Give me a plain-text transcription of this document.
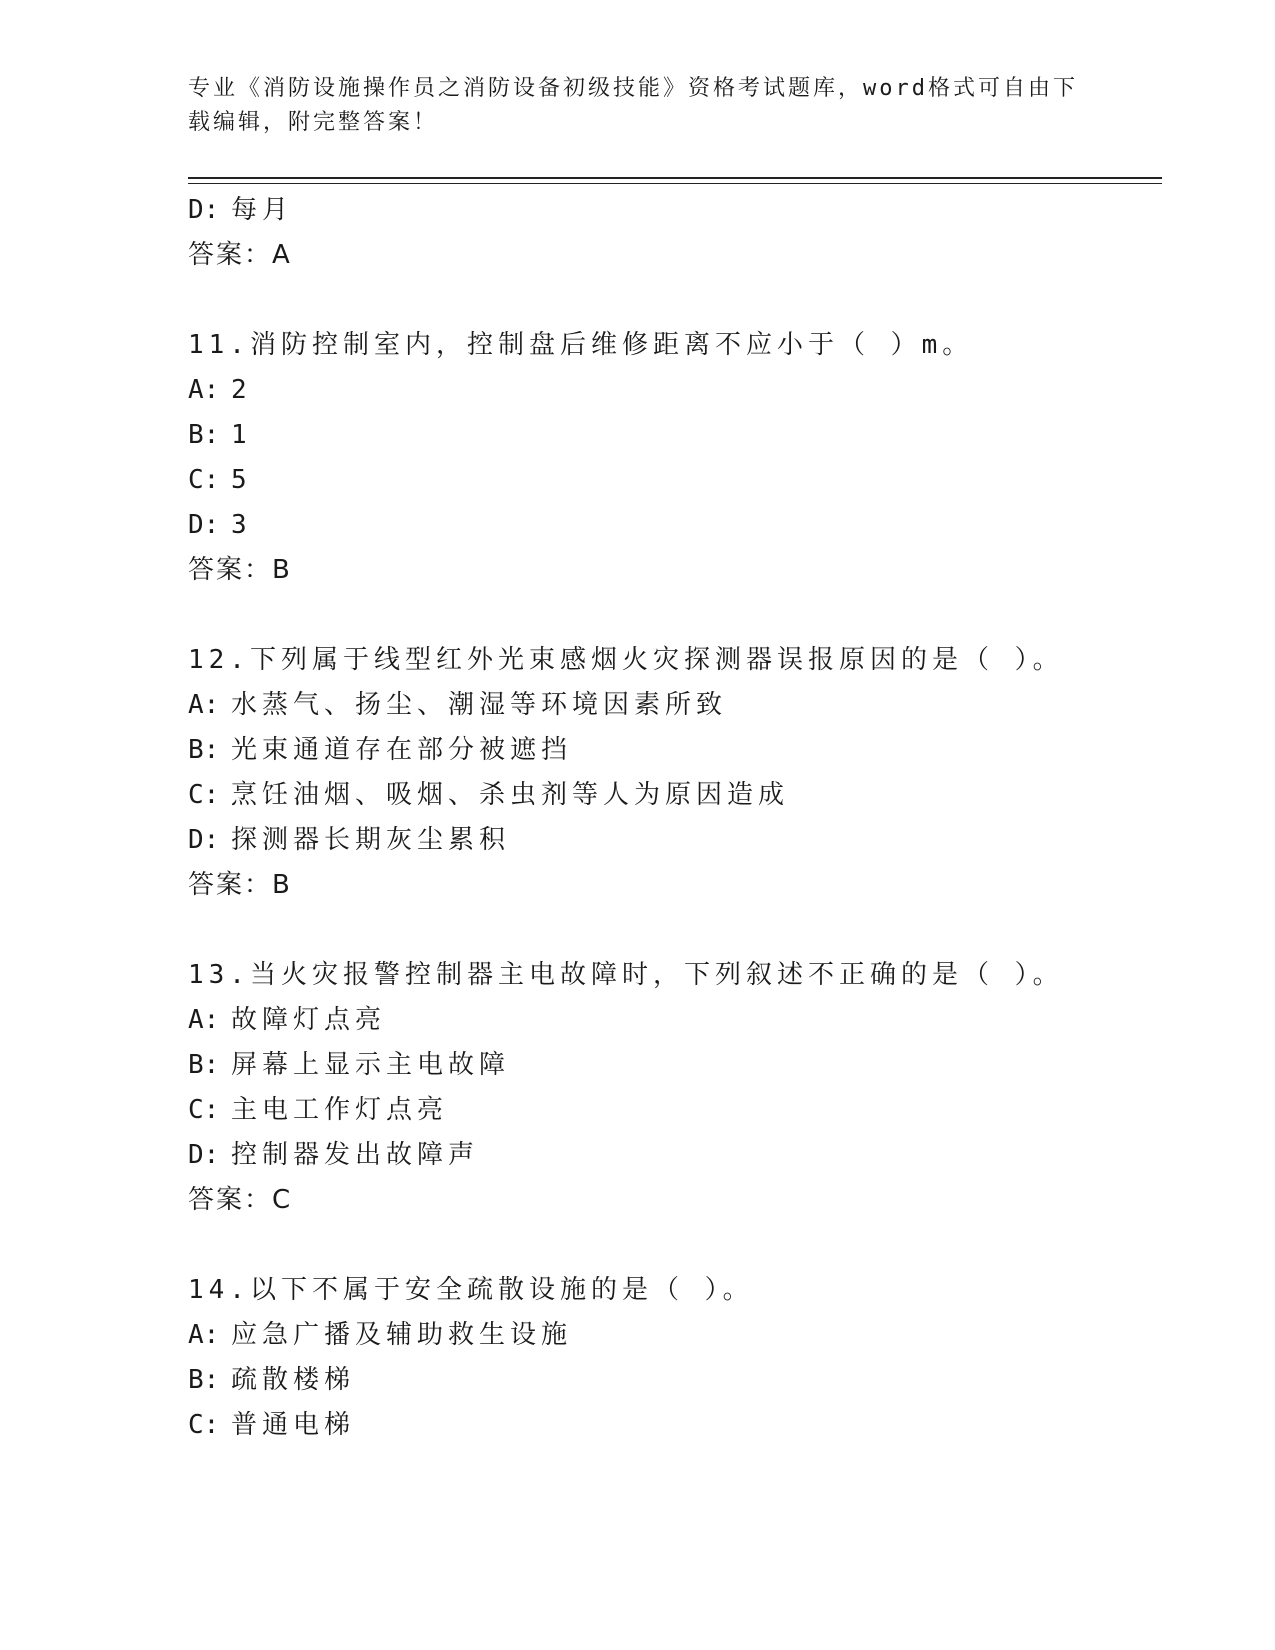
专业《消防设施操作员之消防设备初级技能》资格考试题库，word格式可自由下
载编辑，附完整答案！
D: 每月
答案：A
11.消防控制室内，控制盘后维修距离不应小于（ ）m。
A: 2
B: 1
C: 5
D: 3
答案：B
12.下列属于线型红外光束感烟火灾探测器误报原因的是（ ）。
A: 水蒸气、扬尘、潮湿等环境因素所致
B: 光束通道存在部分被遮挡
C: 烹饪油烟、吸烟、杀虫剂等人为原因造成
D: 探测器长期灰尘累积
答案：B
13.当火灾报警控制器主电故障时，下列叙述不正确的是（ ）。
A: 故障灯点亮
B: 屏幕上显示主电故障
C: 主电工作灯点亮
D: 控制器发出故障声
答案：C
14.以下不属于安全疏散设施的是（ ）。
A: 应急广播及辅助救生设施
B: 疏散楼梯
C: 普通电梯
